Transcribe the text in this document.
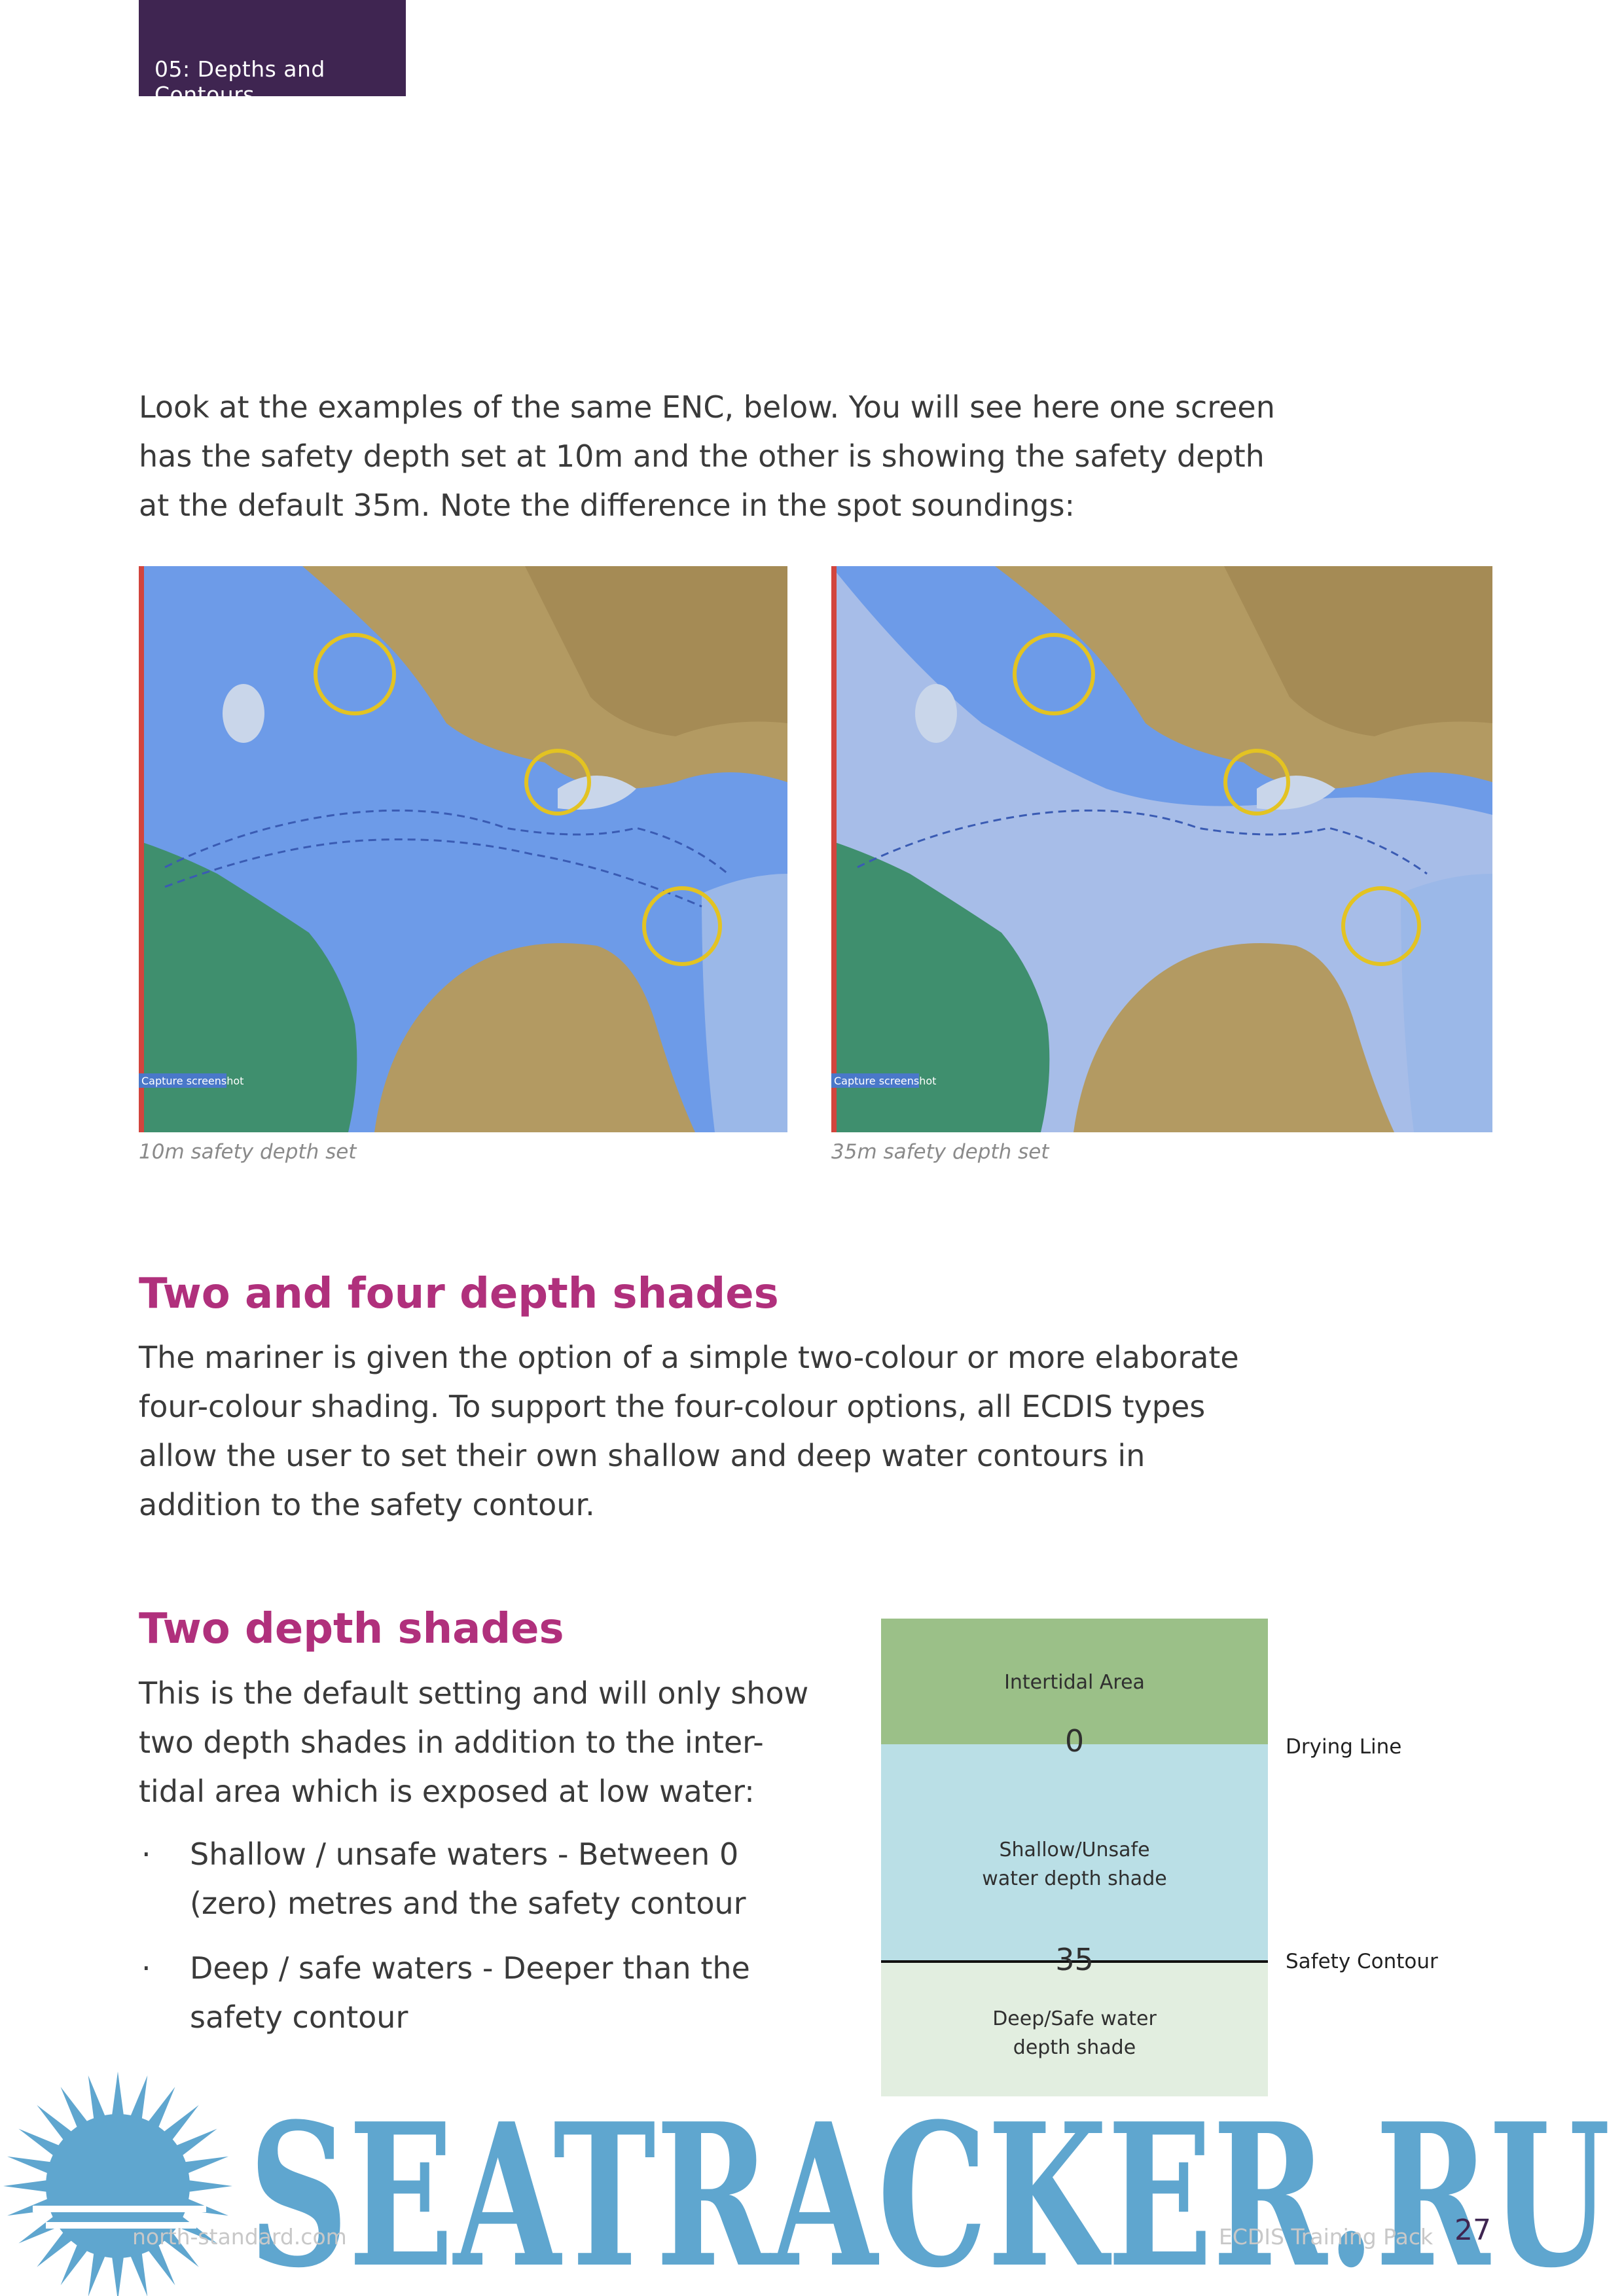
05: Depths and Contours

Look at the examples of the same ENC, below. You will see here one screen has the safety depth set at 10m and the other is showing the safety depth at the default 35m. Note the difference in the spot soundings:

Capture screenshot	Capture screenshot
10m safety depth set	35m safety depth set
Two and four depth shades

The mariner is given the option of a simple two-colour or more elaborate four-colour shading. To support the four-colour options, all ECDIS types allow the user to set their own shallow and deep water contours in addition to the safety contour.

Two depth shades

This is the default setting and will only show two depth shades in addition to the inter-tidal area which is exposed at low water:

· Shallow / unsafe waters - Between 0 (zero) metres and the safety contour
· Deep / safe waters - Deeper than the safety contour
Intertidal Area
0	Drying Line
Shallow/Unsafe
water depth shade
35	Safety Contour
Deep/Safe water
depth shade
SEATRACKER.RU
north-standard.com	ECDIS Training Pack 27
